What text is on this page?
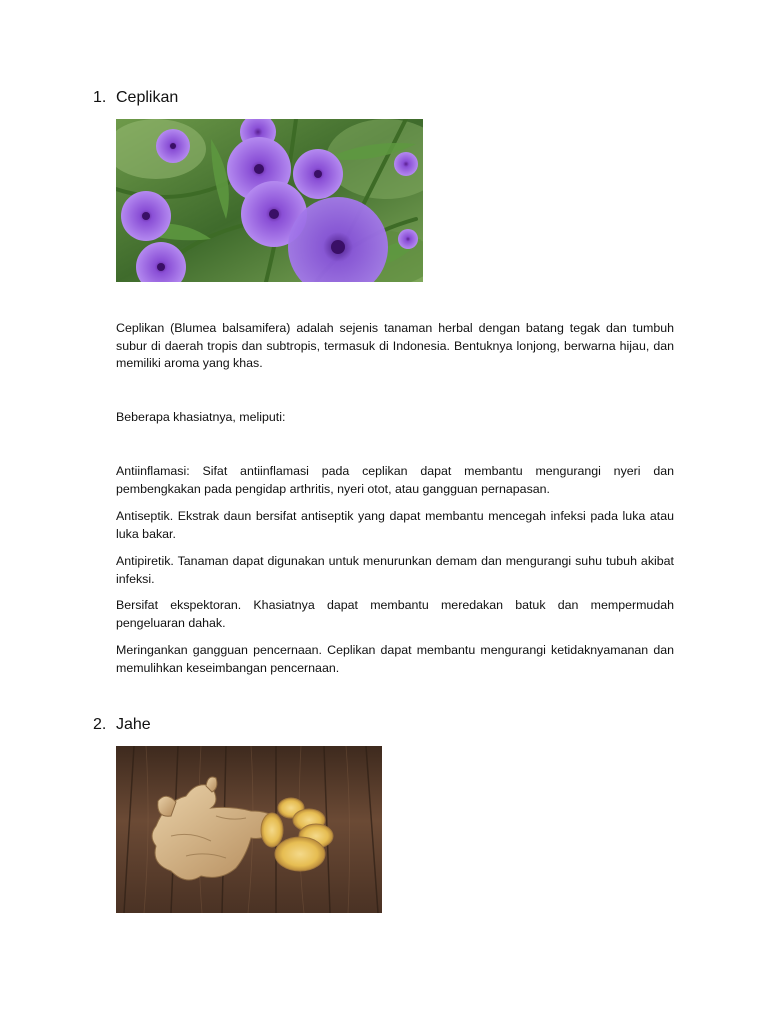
1. Ceplikan

Ceplikan (Blumea balsamifera) adalah sejenis tanaman herbal dengan batang tegak dan tumbuh subur di daerah tropis dan subtropis, termasuk di Indonesia. Bentuknya lonjong, berwarna hijau, dan memiliki aroma yang khas.

Beberapa khasiatnya, meliputi:

Antiinflamasi: Sifat antiinflamasi pada ceplikan dapat membantu mengurangi nyeri dan pembengkakan pada pengidap arthritis, nyeri otot, atau gangguan pernapasan.

Antiseptik. Ekstrak daun bersifat antiseptik yang dapat membantu mencegah infeksi pada luka atau luka bakar.

Antipiretik. Tanaman dapat digunakan untuk menurunkan demam dan mengurangi suhu tubuh akibat infeksi.

Bersifat ekspektoran. Khasiatnya dapat membantu meredakan batuk dan mempermudah pengeluaran dahak.

Meringankan gangguan pencernaan. Ceplikan dapat membantu mengurangi ketidaknyamanan dan memulihkan keseimbangan pencernaan.

2. Jahe
